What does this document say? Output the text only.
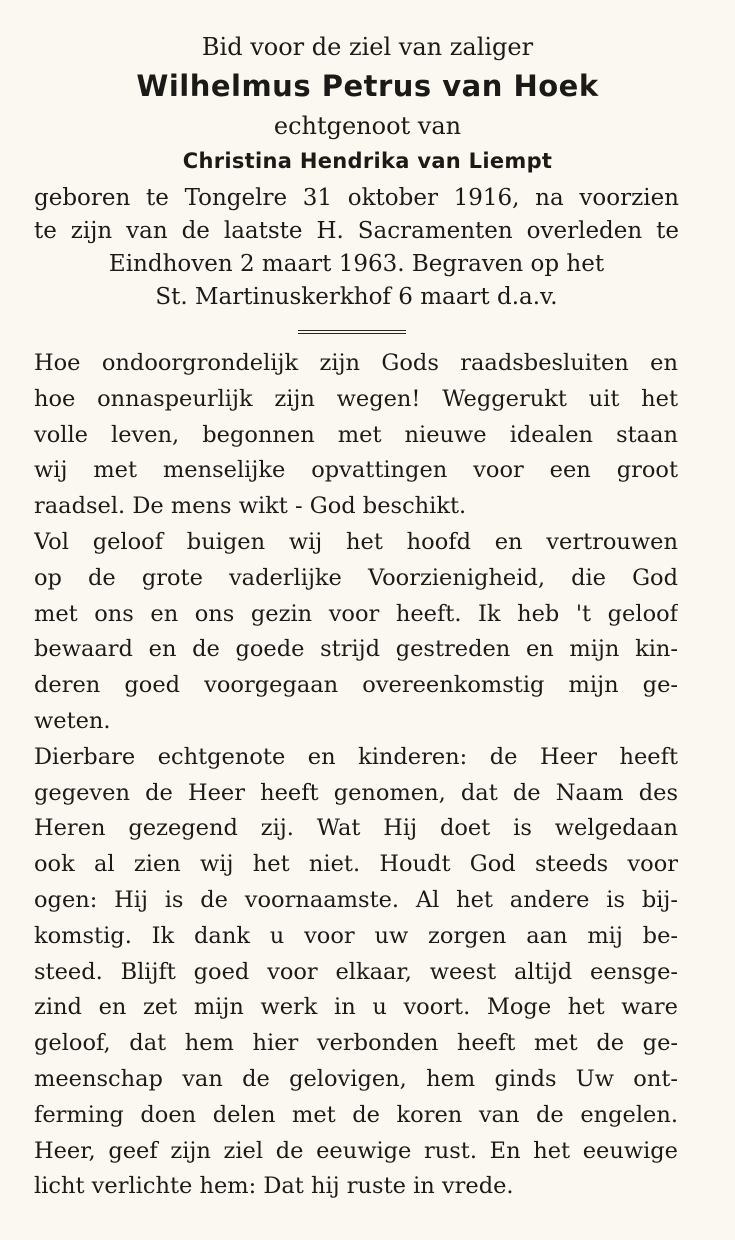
Bid voor de ziel van zaliger
Wilhelmus Petrus van Hoek
echtgenoot van
Christina Hendrika van Liempt
geboren te Tongelre 31 oktober 1916, na voorzien
te zijn van de laatste H. Sacramenten overleden te
Eindhoven 2 maart 1963. Begraven op het
St. Martinuskerkhof 6 maart d.a.v.
Hoe ondoorgrondelijk zijn Gods raadsbesluiten en
hoe onnaspeurlijk zijn wegen! Weggerukt uit het
volle leven, begonnen met nieuwe idealen staan
wij met menselijke opvattingen voor een groot
raadsel. De mens wikt - God beschikt.
Vol geloof buigen wij het hoofd en vertrouwen
op de grote vaderlijke Voorzienigheid, die God
met ons en ons gezin voor heeft. Ik heb 't geloof
bewaard en de goede strijd gestreden en mijn kin-
deren goed voorgegaan overeenkomstig mijn ge-
weten.
Dierbare echtgenote en kinderen: de Heer heeft
gegeven de Heer heeft genomen, dat de Naam des
Heren gezegend zij. Wat Hij doet is welgedaan
ook al zien wij het niet. Houdt God steeds voor
ogen: Hij is de voornaamste. Al het andere is bij-
komstig. Ik dank u voor uw zorgen aan mij be-
steed. Blijft goed voor elkaar, weest altijd eensge-
zind en zet mijn werk in u voort. Moge het ware
geloof, dat hem hier verbonden heeft met de ge-
meenschap van de gelovigen, hem ginds Uw ont-
ferming doen delen met de koren van de engelen.
Heer, geef zijn ziel de eeuwige rust. En het eeuwige
licht verlichte hem: Dat hij ruste in vrede.
